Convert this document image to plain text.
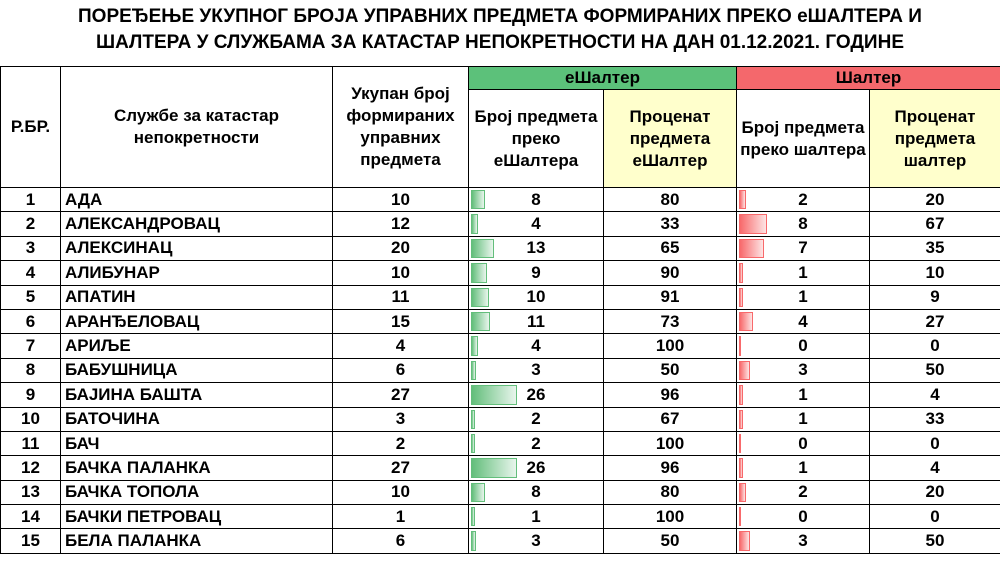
ПОРЕЂЕЊЕ УКУПНОГ БРОЈА УПРАВНИХ ПРЕДМЕТА ФОРМИРАНИХ ПРЕКО еШАЛТЕРА И
ШАЛТЕРА У СЛУЖБАМА ЗА КАТАСТАР НЕПОКРЕТНОСТИ НА ДАН 01.12.2021. ГОДИНЕ
Р.БР.	Службе за катастар непокретности	Укупан број формираних управних предмета	еШалтер		Шалтер	
			Број предмета преко еШалтера	Проценат предмета еШалтер	Број предмета преко шалтера	Проценат предмета шалтер
1	АДА	10	8	80	2	20
2	АЛЕКСАНДРОВАЦ	12	4	33	8	67
3	АЛЕКСИНАЦ	20	13	65	7	35
4	АЛИБУНАР	10	9	90	1	10
5	АПАТИН	11	10	91	1	9
6	АРАНЂЕЛОВАЦ	15	11	73	4	27
7	АРИЉЕ	4	4	100	0	0
8	БАБУШНИЦА	6	3	50	3	50
9	БАЈИНА БАШТА	27	26	96	1	4
10	БАТОЧИНА	3	2	67	1	33
11	БАЧ	2	2	100	0	0
12	БАЧКА ПАЛАНКА	27	26	96	1	4
13	БАЧКА ТОПОЛА	10	8	80	2	20
14	БАЧКИ ПЕТРОВАЦ	1	1	100	0	0
15	БЕЛА ПАЛАНКА	6	3	50	3	50
